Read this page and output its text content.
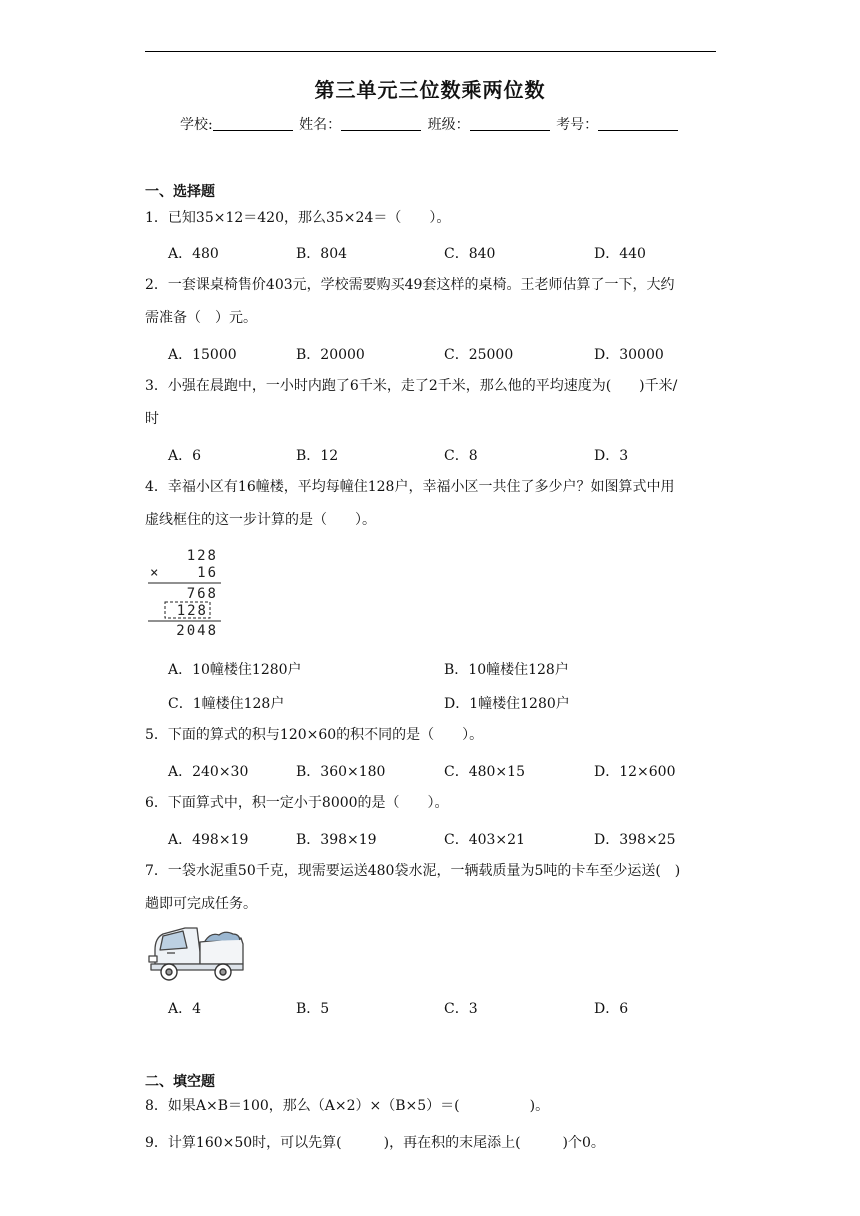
第三单元三位数乘两位数
学校:	姓名：	班级：	考号：
一、选择题
1．已知35×12＝420，那么35×24＝（　　）。
A．480	B．804	C．840	D．440
2．一套课桌椅售价403元，学校需要购买49套这样的桌椅。王老师估算了一下，大约
需准备（　）元。
A．15000	B．20000	C．25000	D．30000
3．小强在晨跑中，一小时内跑了6千米，走了2千米，那么他的平均速度为(　　)千米/
时
A．6	B．12	C．8	D．3
4．幸福小区有16幢楼，平均每幢住128户，幸福小区一共住了多少户？如图算式中用
虚线框住的这一步计算的是（　　）。
128
×	16
768
128
2048
A．10幢楼住1280户	B．10幢楼住128户
C．1幢楼住128户	D．1幢楼住1280户
5．下面的算式的积与120×60的积不同的是（　　）。
A．240×30	B．360×180	C．480×15	D．12×600
6．下面算式中，积一定小于8000的是（　　）。
A．498×19	B．398×19	C．403×21	D．398×25
7．一袋水泥重50千克，现需要运送480袋水泥，一辆载质量为5吨的卡车至少运送(　)
趟即可完成任务。
A．4	B．5	C．3	D．6
二、填空题
8．如果A×B＝100，那么（A×2）×（B×5）＝(　　　　　)。
9．计算160×50时，可以先算(　　　)，再在积的末尾添上(　　　)个0。
